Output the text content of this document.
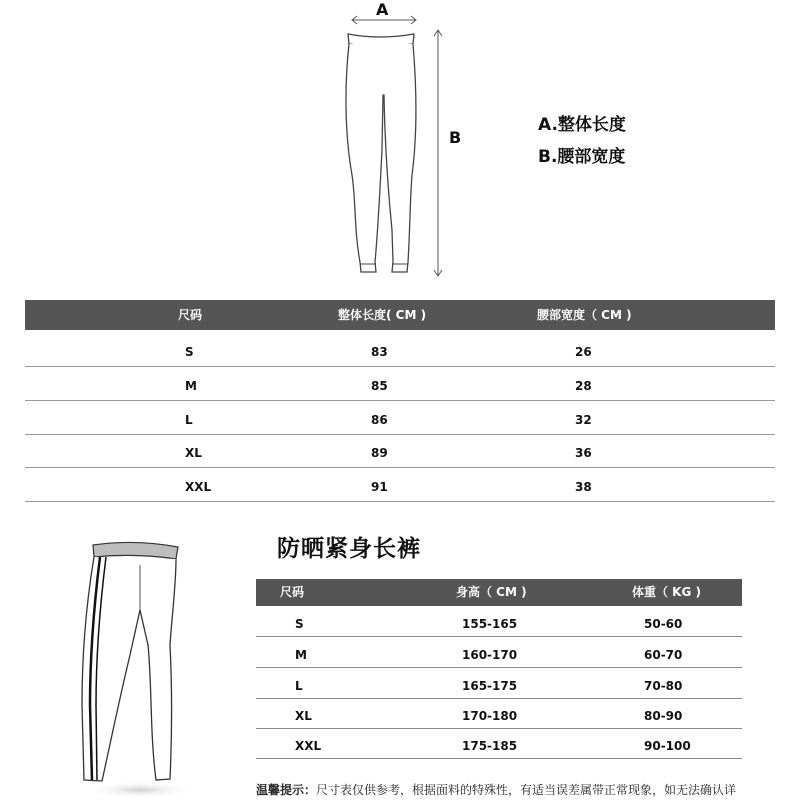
A
B
A.整体长度
B.腰部宽度
尺码	整体长度( CM )	腰部宽度（ CM )
S	83	26
M	85	28
L	86	32
XL	89	36
XXL	91	38
防晒紧身长裤
尺码	身高（ CM )	体重（ KG )
S	155-165	50-60
M	160-170	60-70
L	165-175	70-80
XL	170-180	80-90
XXL	175-185	90-100
温馨提示：尺寸表仅供参考，根据面料的特殊性，有适当误差属带正常现象，如无法确认详
